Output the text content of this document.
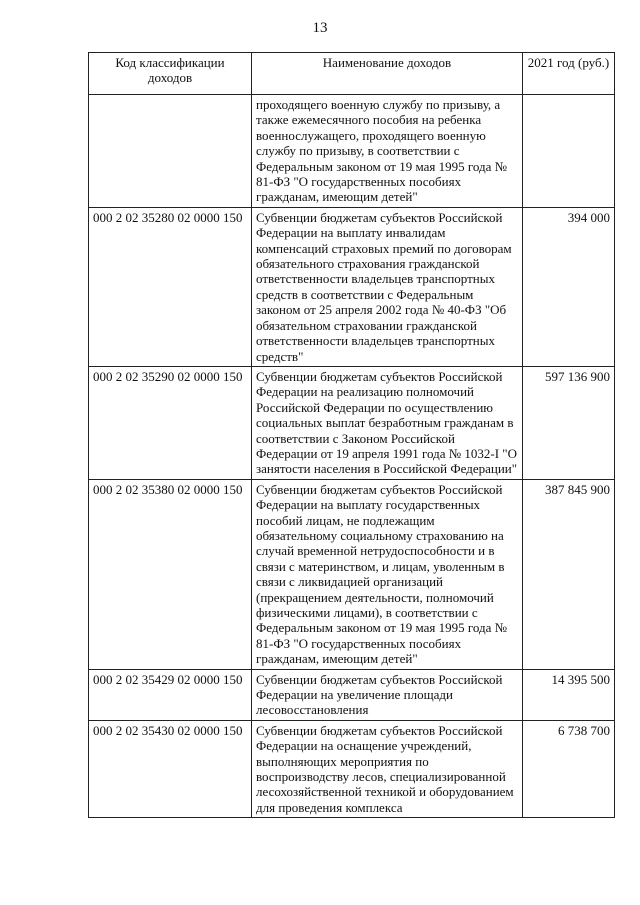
13
Код классификации доходов	Наименование доходов	2021 год (руб.)
	проходящего военную службу по призыву, а также ежемесячного пособия на ребенка военнослужащего, проходящего военную службу по призыву, в соответствии с Федеральным законом от 19 мая 1995 года № 81-ФЗ "О государственных пособиях гражданам, имеющим детей"	
000 2 02 35280 02 0000 150	Субвенции бюджетам субъектов Российской Федерации на выплату инвалидам компенсаций страховых премий по договорам обязательного страхования гражданской ответственности владельцев транспортных средств в соответствии с Федеральным законом от 25 апреля 2002 года № 40-ФЗ "Об обязательном страховании гражданской ответственности владельцев транспортных средств"	394 000
000 2 02 35290 02 0000 150	Субвенции бюджетам субъектов Российской Федерации на реализацию полномочий Российской Федерации по осуществлению социальных выплат безработным гражданам в соответствии с Законом Российской Федерации от 19 апреля 1991 года № 1032-I "О занятости населения в Российской Федерации"	597 136 900
000 2 02 35380 02 0000 150	Субвенции бюджетам субъектов Российской Федерации на выплату государственных пособий лицам, не подлежащим обязательному социальному страхованию на случай временной нетрудоспособности и в связи с материнством, и лицам, уволенным в связи с ликвидацией организаций (прекращением деятельности, полномочий физическими лицами), в соответствии с Федеральным законом от 19 мая 1995 года № 81-ФЗ "О государственных пособиях гражданам, имеющим детей"	387 845 900
000 2 02 35429 02 0000 150	Субвенции бюджетам субъектов Российской Федерации на увеличение площади лесовосстановления	14 395 500
000 2 02 35430 02 0000 150	Субвенции бюджетам субъектов Российской Федерации на оснащение учреждений, выполняющих мероприятия по воспроизводству лесов, специализированной лесохозяйственной техникой и оборудованием для проведения комплекса	6 738 700
